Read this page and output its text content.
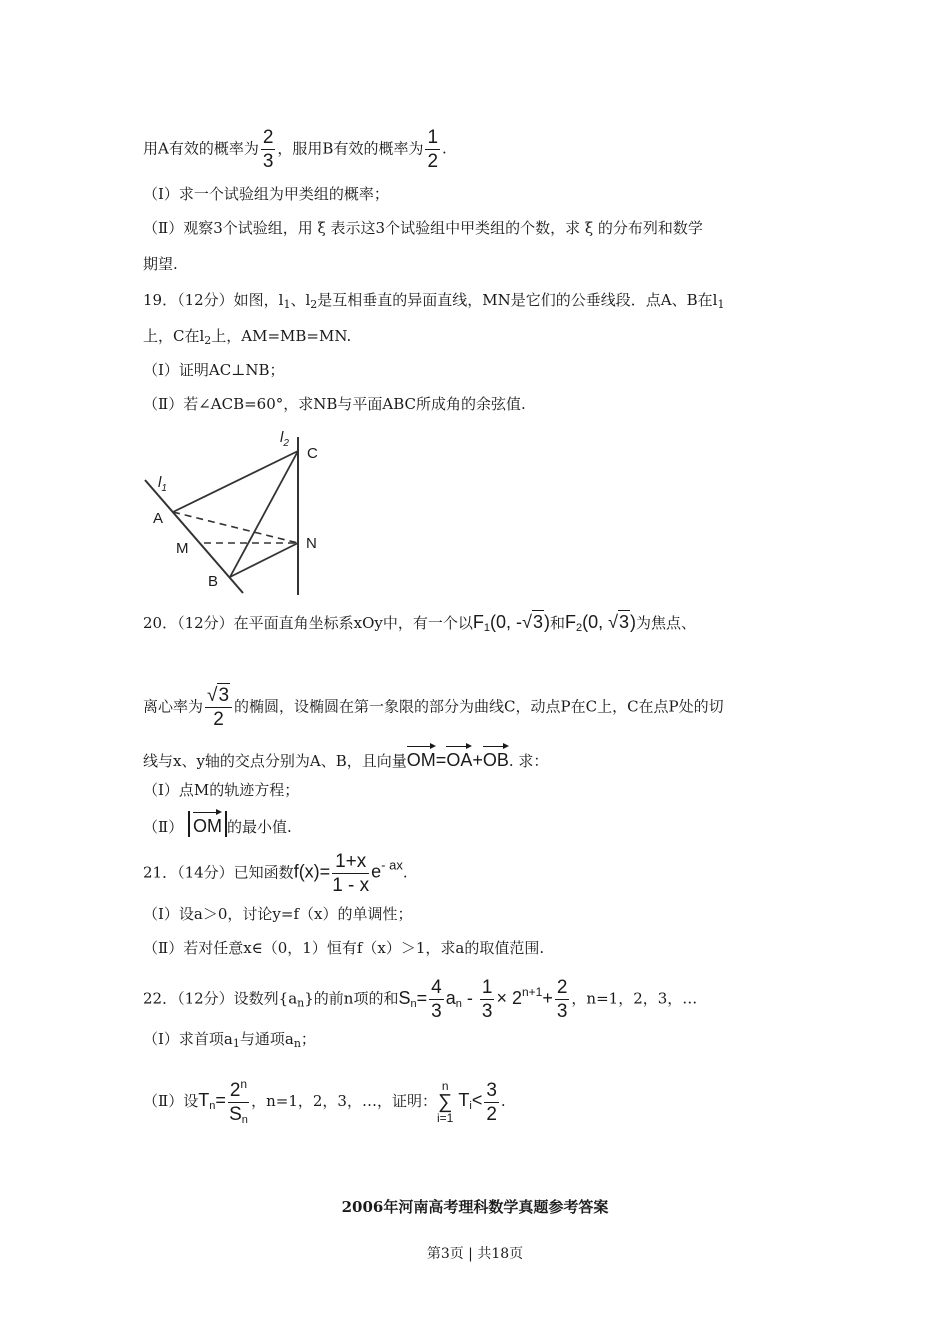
用A有效的概率为 $\frac{2}{3}$ ，服用B有效的概率为 $\frac{1}{2}$ .
（Ⅰ）求一个试验组为甲类组的概率；
（Ⅱ）观察3个试验组，用 ξ 表示这3个试验组中甲类组的个数，求 ξ 的分布列和数学
期望.
19．（12分）如图，$l_1$、$l_2$是互相垂直的异面直线，MN是它们的公垂线段．点A、B在$l_1$
上，C在$l_2$上，AM=MB=MN.
（Ⅰ）证明AC⊥NB；
（Ⅱ）若∠ACB=60°，求NB与平面ABC所成角的余弦值.
$l_1$
$l_2$
A
B
C
M	N
20．（12分）在平面直角坐标系xOy中，有一个以$F_1(0$, -√3)和$F_2(0$, √3)为焦点、
离心率为 $\frac{√3}{2}$ 的椭圆，设椭圆在第一象限的部分为曲线C，动点P在C上，C在点P处的切
线与x、y轴的交点分别为A、B，且向量OM=OA+OB. 求：
（Ⅰ）点M的轨迹方程；
（Ⅱ） OM 的最小值.
21．（14分）已知函数$f(x)= \frac{1+x}{1 - x} e-$ ax.
（Ⅰ）设a＞0，讨论y=f（x）的单调性；
（Ⅱ）若对任意x∈（0，1）恒有f（x）＞1，求a的取值范围.
22．（12分）设数列$\{a_n\}$的前n项的和$S_n= \frac{4}{3} a_n - \frac{1}{3} \times 2^{n+1}+ \frac{2}{3}$ ，n=1，2，3，…
（Ⅰ）求首项$a_1$与通项$a_n$；
（Ⅱ）设$T_n= \frac{2^n}{S_n}$ ，n=1，2，3，…，证明：
n
∑
i=1
$T_i< \frac{3}{2}$ .
2006年河南高考理科数学真题参考答案
第3页 | 共18页
